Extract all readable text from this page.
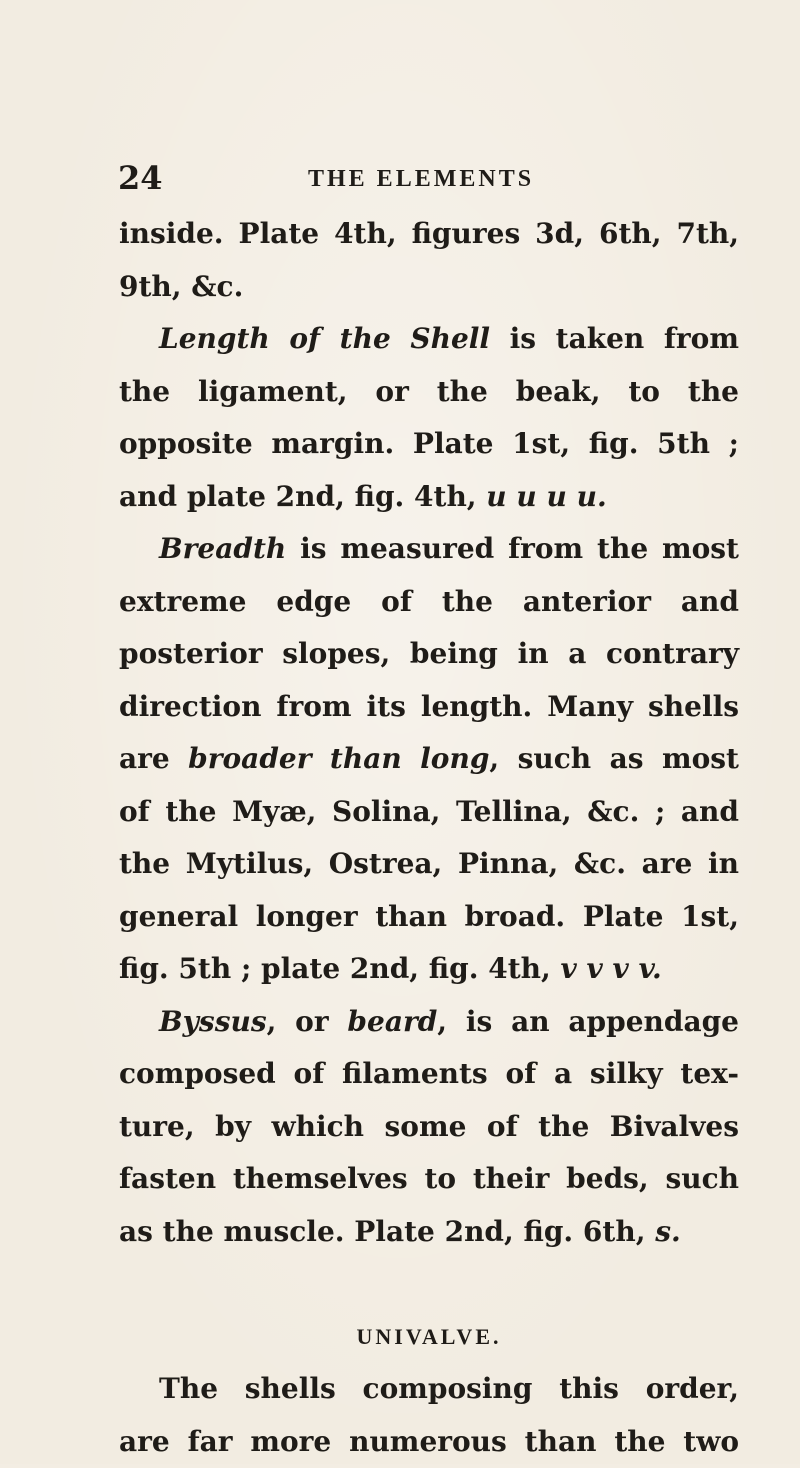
24	THE ELEMENTS
inside. Plate 4th, figures 3d, 6th, 7th,
9th, &c.
Length of the Shell is taken from
the ligament, or the beak, to the
opposite margin. Plate 1st, fig. 5th ;
and plate 2nd, fig. 4th, u u u u.
Breadth is measured from the most
extreme edge of the anterior and
posterior slopes, being in a contrary
direction from its length. Many shells
are broader than long, such as most
of the Myæ, Solina, Tellina, &c. ; and
the Mytilus, Ostrea, Pinna, &c. are in
general longer than broad. Plate 1st,
fig. 5th ; plate 2nd, fig. 4th, v v v v.
Byssus, or beard, is an appendage
composed of filaments of a silky tex-
ture, by which some of the Bivalves
fasten themselves to their beds, such
as the muscle. Plate 2nd, fig. 6th, s.
UNIVALVE.
The shells composing this order,
are far more numerous than the two
